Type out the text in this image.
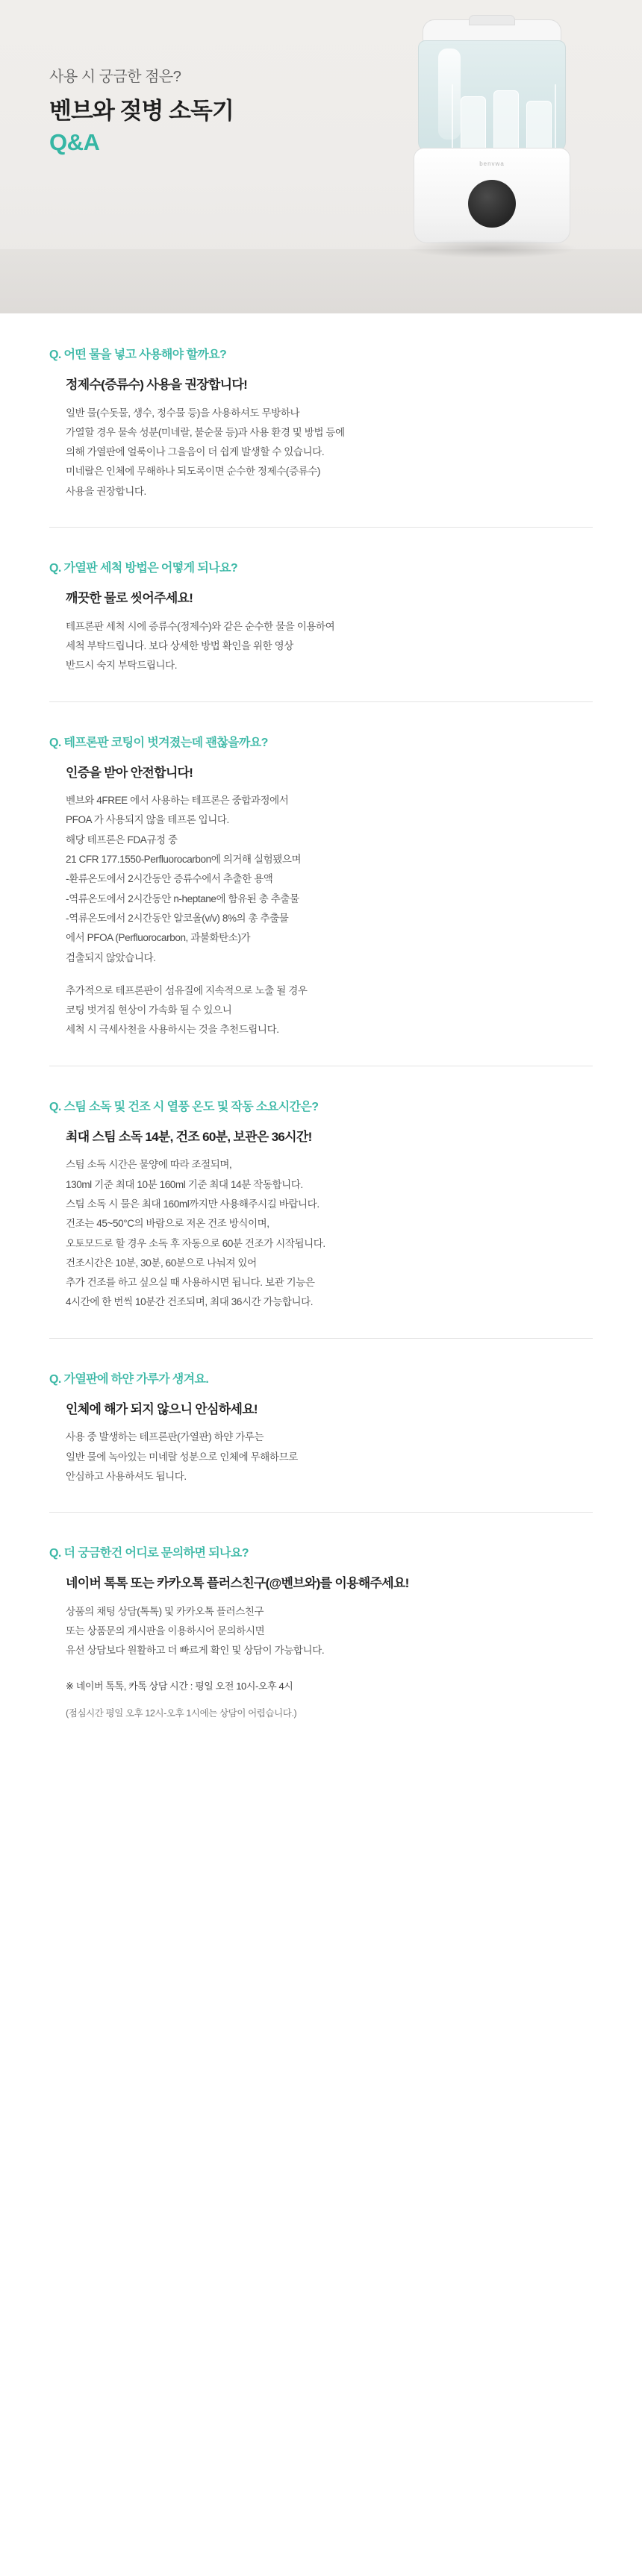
사용 시 궁금한 점은?
벤브와 젖병 소독기
Q&A
benvwa
Q. 어떤 물을 넣고 사용해야 할까요?
정제수(증류수) 사용을 권장합니다!

일반 물(수돗물, 생수, 정수물 등)을 사용하셔도 무방하나

가열할 경우 물속 성분(미네랄, 불순물 등)과 사용 환경 및 방법 등에

의해 가열판에 얼룩이나 그을음이 더 쉽게 발생할 수 있습니다.

미네랄은 인체에 무해하나 되도록이면 순수한 정제수(증류수)

사용을 권장합니다.

Q. 가열판 세척 방법은 어떻게 되나요?
깨끗한 물로 씻어주세요!

테프론판 세척 시에 증류수(정제수)와 같은 순수한 물을 이용하여

세척 부탁드립니다. 보다 상세한 방법 확인을 위한 영상

반드시 숙지 부탁드립니다.

Q. 테프론판 코팅이 벗겨졌는데 괜찮을까요?
인증을 받아 안전합니다!

벤브와 4FREE 에서 사용하는 테프론은 중합과정에서

PFOA 가 사용되지 않을 테프론 입니다.

해당 테프론은 FDA규정 중

21 CFR 177.1550-Perfluorocarbon에 의거해 실험됐으며

-환류온도에서 2시간동안 증류수에서 추출한 용액

-역류온도에서 2시간동안 n-heptane에 함유된 총 추출물

-역류온도에서 2시간동안 알코올(v/v) 8%의 총 추출물

에서 PFOA (Perfluorocarbon, 과불화탄소)가

검출되지 않았습니다.

추가적으로 테프론판이 섬유질에 지속적으로 노출 될 경우

코팅 벗겨짐 현상이 가속화 될 수 있으니

세척 시 극세사천을 사용하시는 것을 추천드립니다.

Q. 스팀 소독 및 건조 시 열풍 온도 및 작동 소요시간은?
최대 스팀 소독 14분, 건조 60분, 보관은 36시간!

스팀 소독 시간은 물양에 따라 조절되며,

130ml 기준 최대 10분 160ml 기준 최대 14분 작동합니다.

스팀 소독 시 물은 최대 160ml까지만 사용해주시길 바랍니다.

건조는 45~50°C의 바람으로 저온 건조 방식이며,

오토모드로 할 경우 소독 후 자동으로 60분 건조가 시작됩니다.

건조시간은 10분, 30분, 60분으로 나눠져 있어

추가 건조를 하고 싶으실 때 사용하시면 됩니다. 보관 기능은

4시간에 한 번씩 10분간 건조되며, 최대 36시간 가능합니다.

Q. 가열판에 하얀 가루가 생겨요.
인체에 해가 되지 않으니 안심하세요!

사용 중 발생하는 테프론판(가열판) 하얀 가루는

일반 물에 녹아있는 미네랄 성분으로 인체에 무해하므로

안심하고 사용하셔도 됩니다.

Q. 더 궁금한건 어디로 문의하면 되나요?
네이버 톡톡 또는 카카오톡 플러스친구(@벤브와)를 이용해주세요!

상품의 채팅 상담(톡톡) 및 카카오톡 플러스친구

또는 상품문의 게시판을 이용하시어 문의하시면

유선 상담보다 원활하고 더 빠르게 확인 및 상담이 가능합니다.

※ 네이버 톡톡, 카톡 상담 시간 : 평일 오전 10시-오후 4시

(점심시간 평일 오후 12시-오후 1시에는 상담이 어렵습니다.)
